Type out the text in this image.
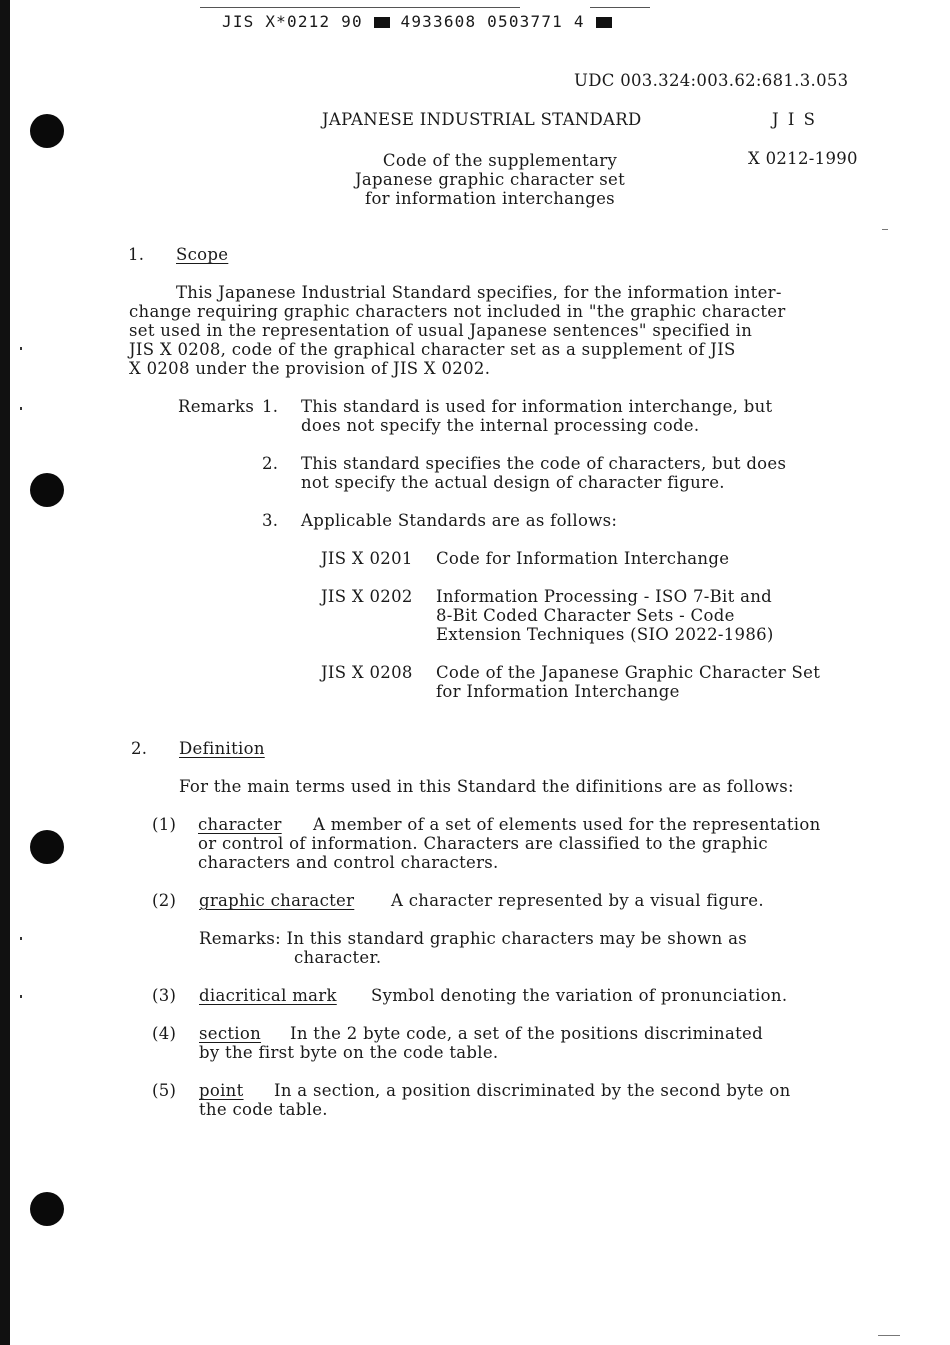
JIS X*0212 90 4933608 0503771 4
UDC 003.324:003.62:681.3.053
JAPANESE INDUSTRIAL STANDARD	J I S
X 0212-1990
Code of the supplementary
Japanese graphic character set
for information interchanges
1. Scope
This Japanese Industrial Standard specifies, for the information inter-
change requiring graphic characters not included in "the graphic character
set used in the representation of usual Japanese sentences" specified in
JIS X 0208, code of the graphical character set as a supplement of JIS
X 0208 under the provision of JIS X 0202.
Remarks 1. This standard is used for information interchange, but
does not specify the internal processing code.
2. This standard specifies the code of characters, but does
not specify the actual design of character figure.
3. Applicable Standards are as follows:
JIS X 0201 Code for Information Interchange
JIS X 0202 Information Processing - ISO 7-Bit and
8-Bit Coded Character Sets - Code
Extension Techniques (SIO 2022-1986)
JIS X 0208 Code of the Japanese Graphic Character Set
for Information Interchange
2. Definition
For the main terms used in this Standard the difinitions are as follows:
(1) character A member of a set of elements used for the representation
or control of information. Characters are classified to the graphic
characters and control characters.
(2) graphic character A character represented by a visual figure.
Remarks: In this standard graphic characters may be shown as
character.
(3) diacritical mark Symbol denoting the variation of pronunciation.
(4) section In the 2 byte code, a set of the positions discriminated
by the first byte on the code table.
(5) point In a section, a position discriminated by the second byte on
the code table.
